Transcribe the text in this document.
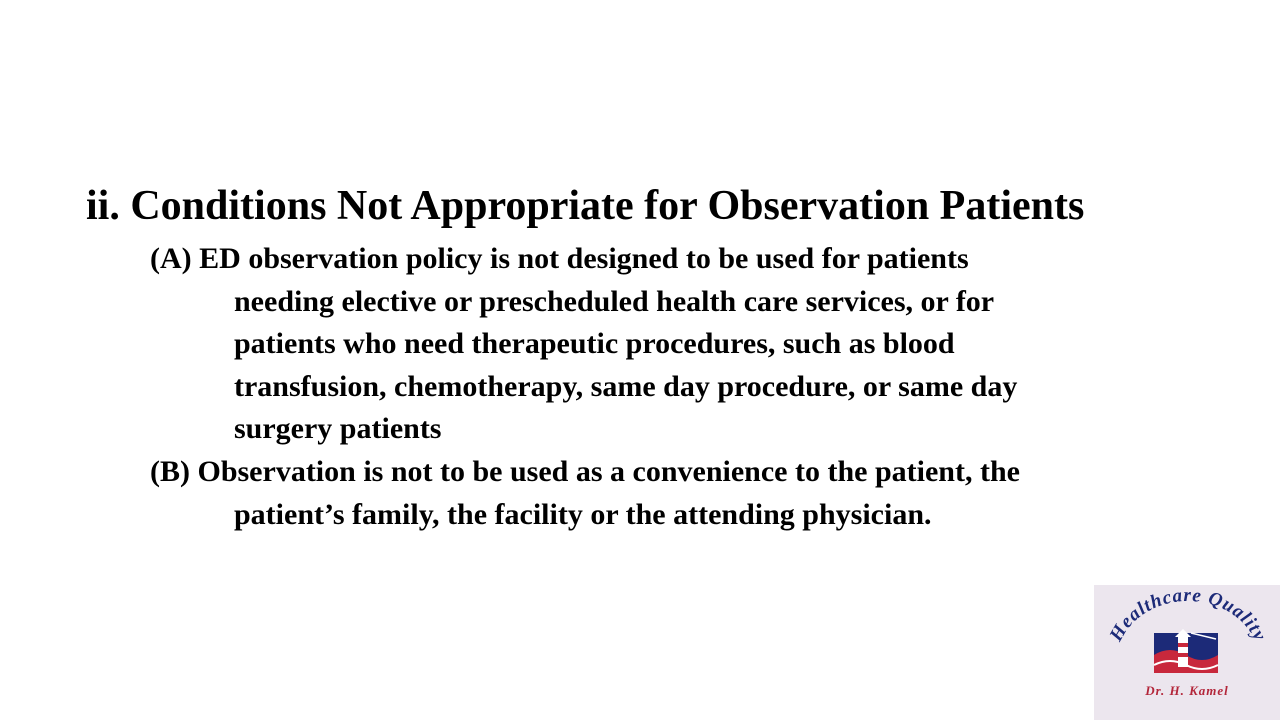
ii. Conditions Not Appropriate for Observation Patients
(A) ED observation policy is not designed to be used for patients
needing elective or prescheduled health care services, or for
patients who need therapeutic procedures, such as blood
transfusion, chemotherapy, same day procedure, or same day
surgery patients
(B) Observation is not to be used as a convenience to the patient, the
patient’s family, the facility or the attending physician.
Healthcare Quality
Dr. H. Kamel
